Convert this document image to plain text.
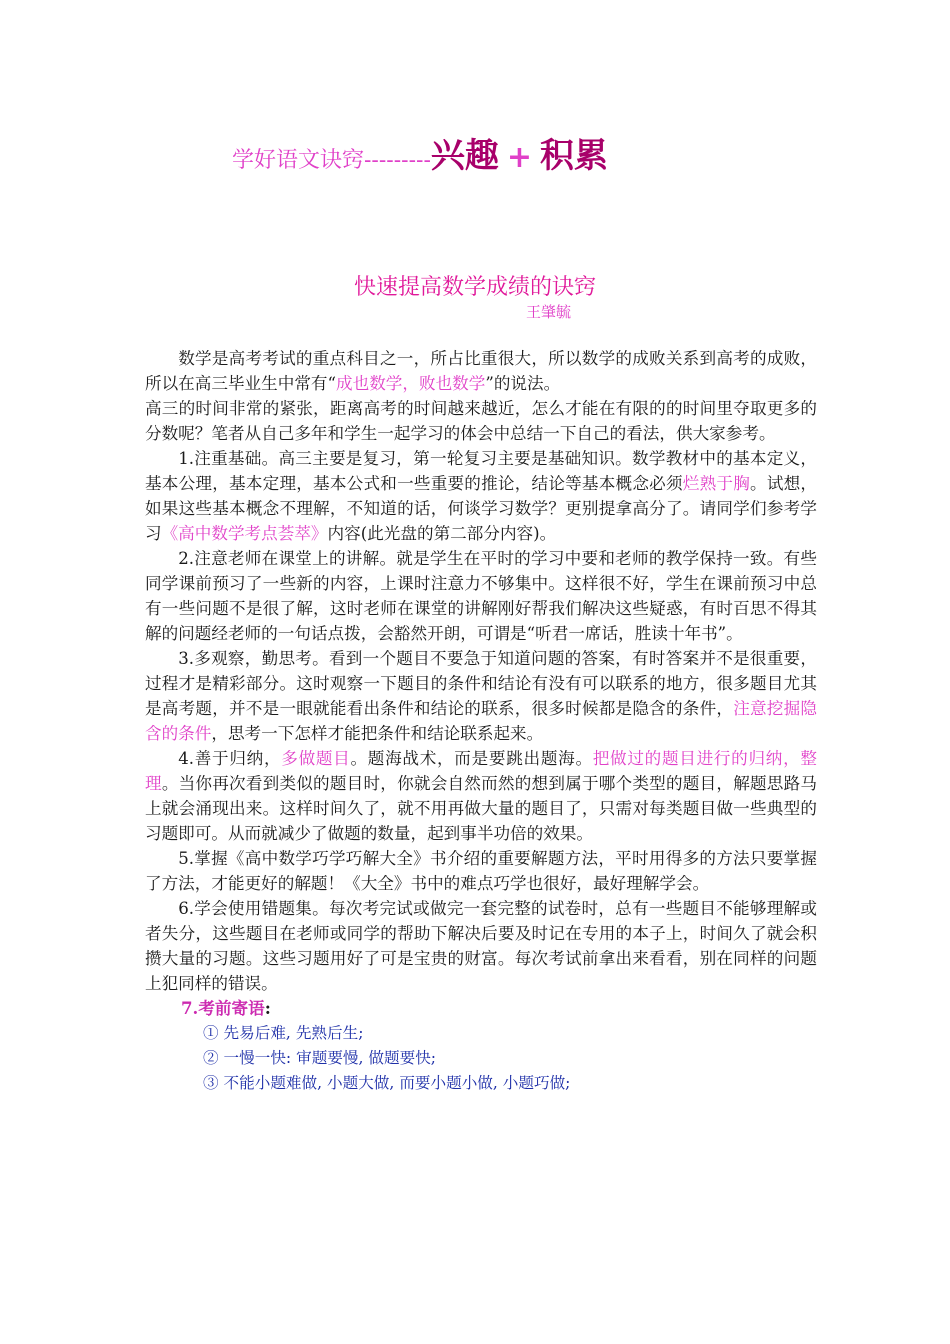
学好语文诀窍---------兴趣 + 积累
快速提高数学成绩的诀窍
王肇毓

数学是高考考试的重点科目之一，所占比重很大，所以数学的成败关系到高考的成败，所以在高三毕业生中常有“成也数学，败也数学”的说法。

高三的时间非常的紧张，距离高考的时间越来越近，怎么才能在有限的的时间里夺取更多的分数呢？笔者从自己多年和学生一起学习的体会中总结一下自己的看法，供大家参考。

1.注重基础。高三主要是复习，第一轮复习主要是基础知识。数学教材中的基本定义，基本公理，基本定理，基本公式和一些重要的推论，结论等基本概念必须烂熟于胸。试想，如果这些基本概念不理解，不知道的话，何谈学习数学？更别提拿高分了。请同学们参考学习《高中数学考点荟萃》内容(此光盘的第二部分内容)。

2.注意老师在课堂上的讲解。就是学生在平时的学习中要和老师的教学保持一致。有些同学课前预习了一些新的内容，上课时注意力不够集中。这样很不好，学生在课前预习中总有一些问题不是很了解，这时老师在课堂的讲解刚好帮我们解决这些疑惑，有时百思不得其解的问题经老师的一句话点拨，会豁然开朗，可谓是“听君一席话，胜读十年书”。

3.多观察，勤思考。看到一个题目不要急于知道问题的答案，有时答案并不是很重要，过程才是精彩部分。这时观察一下题目的条件和结论有没有可以联系的地方，很多题目尤其是高考题，并不是一眼就能看出条件和结论的联系，很多时候都是隐含的条件，注意挖掘隐含的条件，思考一下怎样才能把条件和结论联系起来。

4.善于归纳，多做题目。题海战术，而是要跳出题海。把做过的题目进行的归纳，整理。当你再次看到类似的题目时，你就会自然而然的想到属于哪个类型的题目，解题思路马上就会涌现出来。这样时间久了，就不用再做大量的题目了，只需对每类题目做一些典型的习题即可。从而就减少了做题的数量，起到事半功倍的效果。

5.掌握《高中数学巧学巧解大全》书介绍的重要解题方法，平时用得多的方法只要掌握了方法，才能更好的解题！《大全》书中的难点巧学也很好，最好理解学会。

6.学会使用错题集。每次考完试或做完一套完整的试卷时，总有一些题目不能够理解或者失分，这些题目在老师或同学的帮助下解决后要及时记在专用的本子上，时间久了就会积攒大量的习题。这些习题用好了可是宝贵的财富。每次考试前拿出来看看，别在同样的问题上犯同样的错误。

7.考前寄语:
① 先易后难, 先熟后生;
② 一慢一快: 审题要慢, 做题要快;
③ 不能小题难做, 小题大做, 而要小题小做, 小题巧做;
